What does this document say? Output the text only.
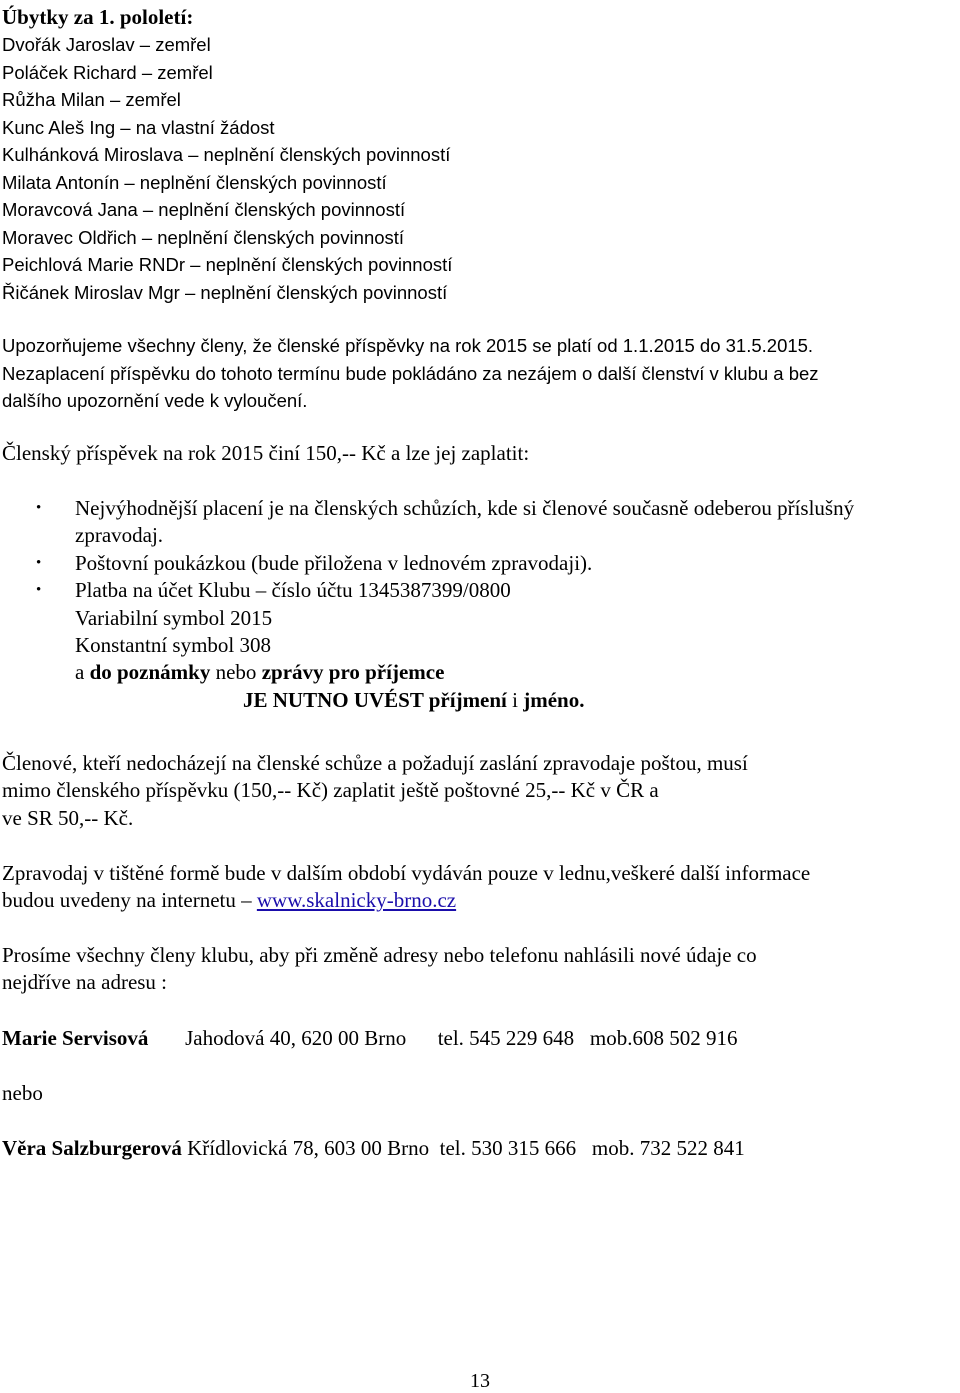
Úbytky za 1. pololetí:
Dvořák Jaroslav – zemřel
Poláček Richard – zemřel
Růžha Milan – zemřel
Kunc Aleš Ing – na vlastní žádost
Kulhánková Miroslava – neplnění členských povinností
Milata Antonín – neplnění členských povinností
Moravcová Jana – neplnění členských povinností
Moravec Oldřich – neplnění členských povinností
Peichlová Marie RNDr – neplnění členských povinností
Řičánek Miroslav Mgr – neplnění členských povinností

Upozorňujeme všechny členy, že členské příspěvky na rok 2015 se platí od 1.1.2015 do 31.5.2015.

Nezaplacení příspěvku do tohoto termínu bude pokládáno za nezájem o další členství v klubu a bez

dalšího upozornění vede k vyloučení.

Členský příspěvek na rok 2015 činí 150,-- Kč a lze jej zaplatit:
• Nejvýhodnější placení je na členských schůzích, kde si členové současně odeberou příslušný
zpravodaj.
• Poštovní poukázkou (bude přiložena v lednovém zpravodaji).
• Platba na účet Klubu – číslo účtu 1345387399/0800
Variabilní symbol 2015
Konstantní symbol 308
a do poznámky nebo zprávy pro příjemce
JE NUTNO UVÉST příjmení i jméno.

Členové, kteří nedocházejí na členské schůze a požadují zaslání zpravodaje poštou, musí

mimo členského příspěvku (150,-- Kč) zaplatit ještě poštovné 25,-- Kč v ČR a

ve SR 50,-- Kč.

Zpravodaj v tištěné formě bude v dalším období vydáván pouze v lednu,veškeré další informace

budou uvedeny na internetu – www.skalnicky-brno.cz

Prosíme všechny členy klubu, aby při změně adresy nebo telefonu nahlásili nové údaje co

nejdříve na adresu :

Marie Servisová       Jahodová 40, 620 00 Brno      tel. 545 229 648   mob.608 502 916
nebo
Věra Salzburgerová Křídlovická 78, 603 00 Brno  tel. 530 315 666   mob. 732 522 841
13
